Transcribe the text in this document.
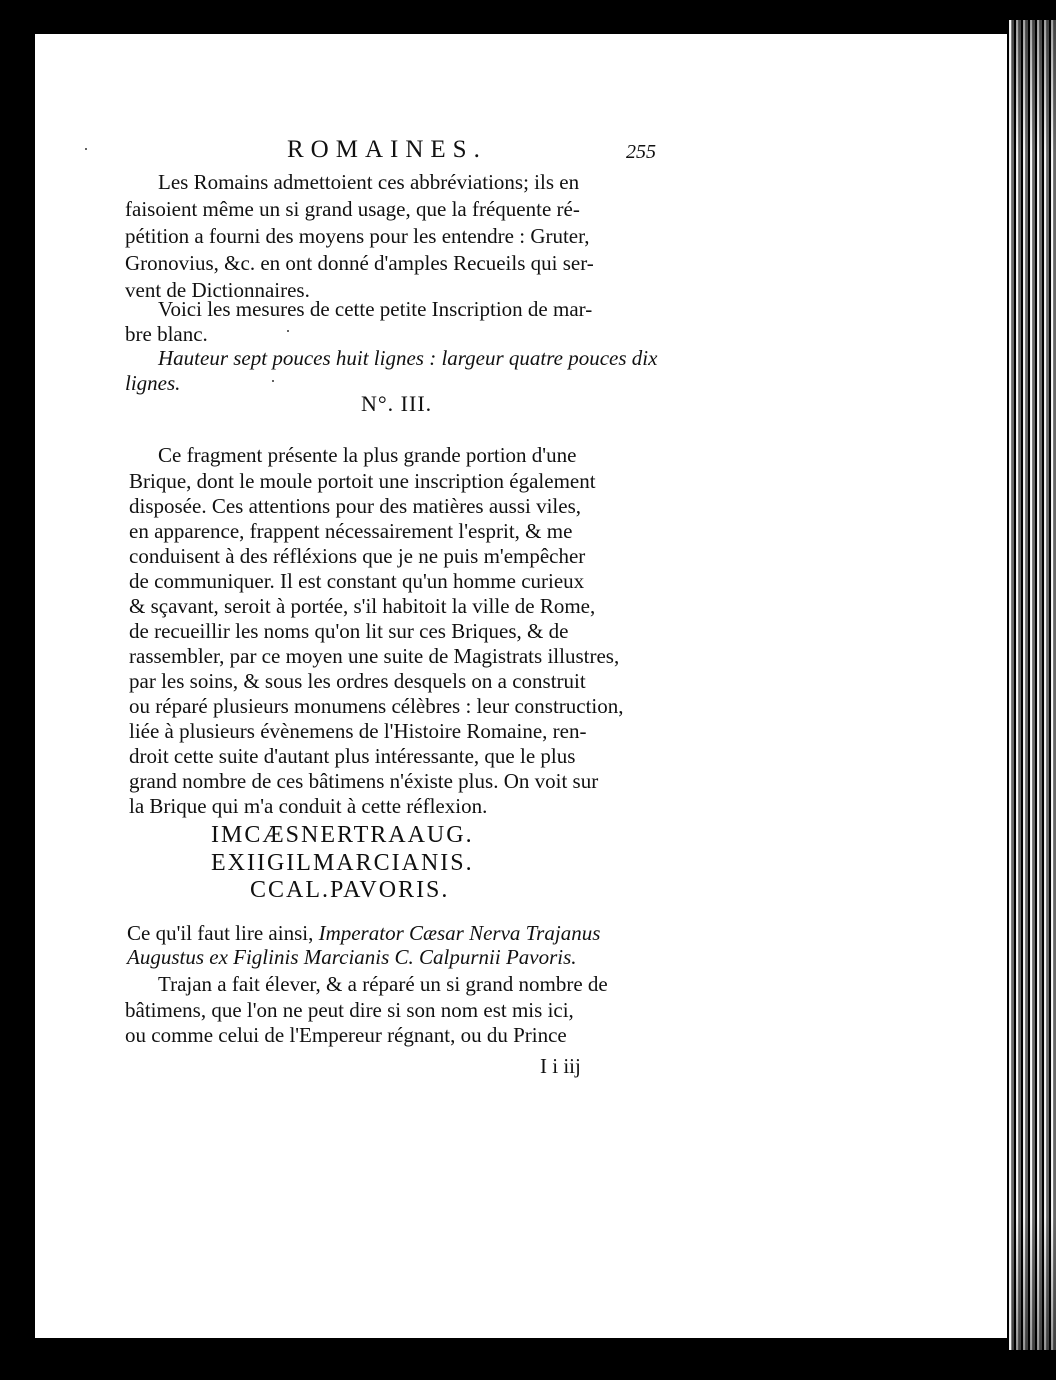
ROMAINES.	255
Les Romains admettoient ces abbréviations; ils en
faisoient même un si grand usage, que la fréquente ré-
pétition a fourni des moyens pour les entendre : Gruter,
Gronovius, &c. en ont donné d'amples Recueils qui ser-
vent de Dictionnaires.
Voici les mesures de cette petite Inscription de mar-
bre blanc.
Hauteur sept pouces huit lignes : largeur quatre pouces dix
lignes.
N°. III.
Ce fragment présente la plus grande portion d'une
Brique, dont le moule portoit une inscription également
disposée. Ces attentions pour des matières aussi viles,
en apparence, frappent nécessairement l'esprit, & me
conduisent à des réfléxions que je ne puis m'empêcher
de communiquer. Il est constant qu'un homme curieux
& sçavant, seroit à portée, s'il habitoit la ville de Rome,
de recueillir les noms qu'on lit sur ces Briques, & de
rassembler, par ce moyen une suite de Magistrats illustres,
par les soins, & sous les ordres desquels on a construit
ou réparé plusieurs monumens célèbres : leur construction,
liée à plusieurs évènemens de l'Histoire Romaine, ren-
droit cette suite d'autant plus intéressante, que le plus
grand nombre de ces bâtimens n'éxiste plus. On voit sur
la Brique qui m'a conduit à cette réflexion.
IMCÆSNERTRAAUG.
EXIIGILMARCIANIS.
CCAL.PAVORIS.
Ce qu'il faut lire ainsi, Imperator Cæsar Nerva Trajanus
Augustus ex Figlinis Marcianis C. Calpurnii Pavoris.
Trajan a fait élever, & a réparé un si grand nombre de
bâtimens, que l'on ne peut dire si son nom est mis ici,
ou comme celui de l'Empereur régnant, ou du Prince
I i iij
